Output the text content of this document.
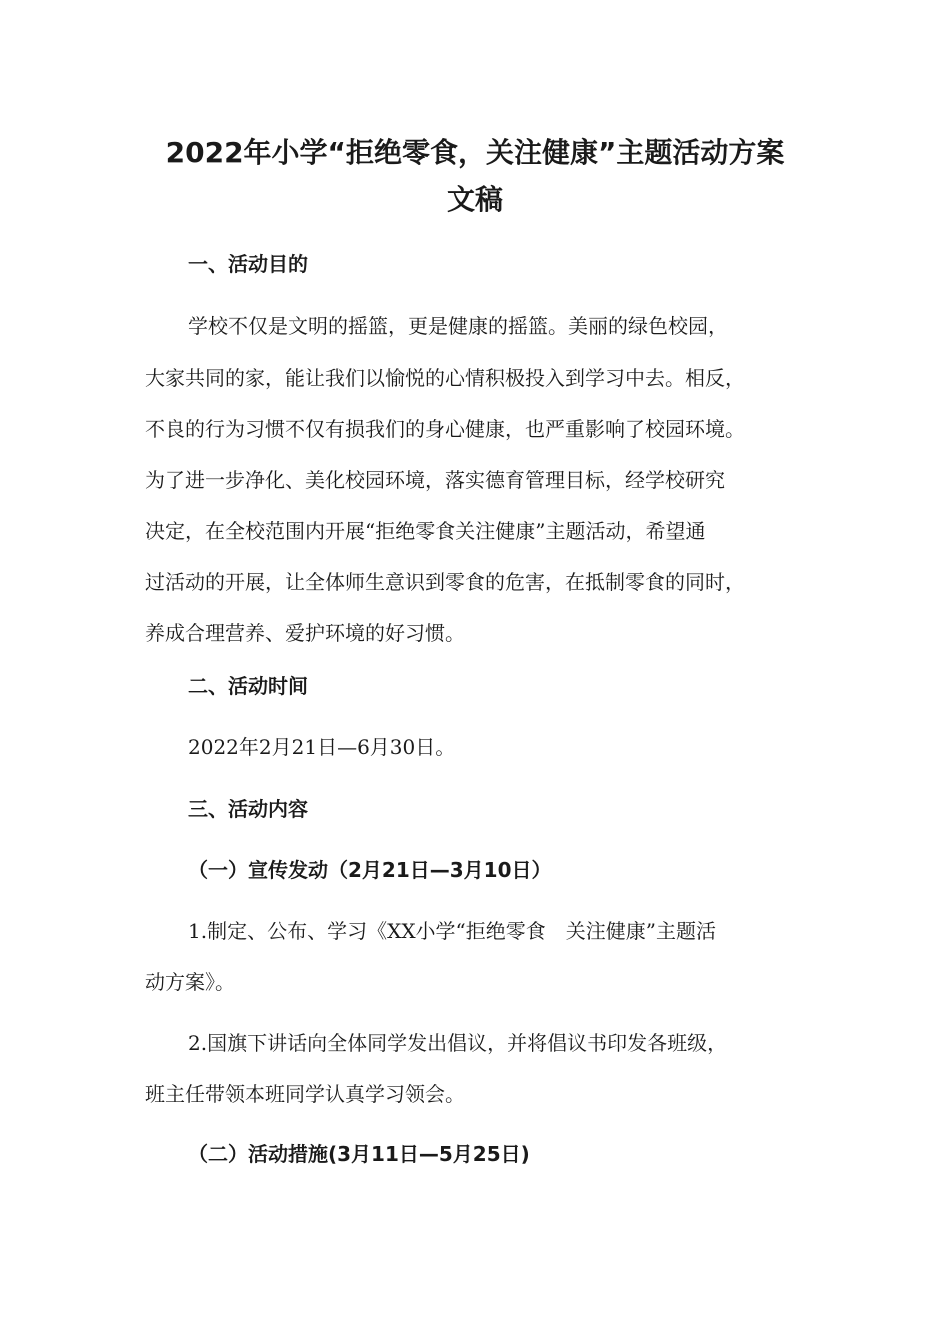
2022年小学“拒绝零食，关注健康”主题活动方案
文稿
一、活动目的
学校不仅是文明的摇篮，更是健康的摇篮。美丽的绿色校园，
大家共同的家，能让我们以愉悦的心情积极投入到学习中去。相反，
不良的行为习惯不仅有损我们的身心健康，也严重影响了校园环境。
为了进一步净化、美化校园环境，落实德育管理目标，经学校研究
决定，在全校范围内开展“拒绝零食关注健康”主题活动，希望通
过活动的开展，让全体师生意识到零食的危害，在抵制零食的同时，
养成合理营养、爱护环境的好习惯。
二、活动时间
2022年2月21日—6月30日。
三、活动内容
（一）宣传发动（2月21日—3月10日）
1.制定、公布、学习《XX小学“拒绝零食　关注健康”主题活
动方案》。
2.国旗下讲话向全体同学发出倡议，并将倡议书印发各班级，
班主任带领本班同学认真学习领会。
（二）活动措施(3月11日—5月25日)
